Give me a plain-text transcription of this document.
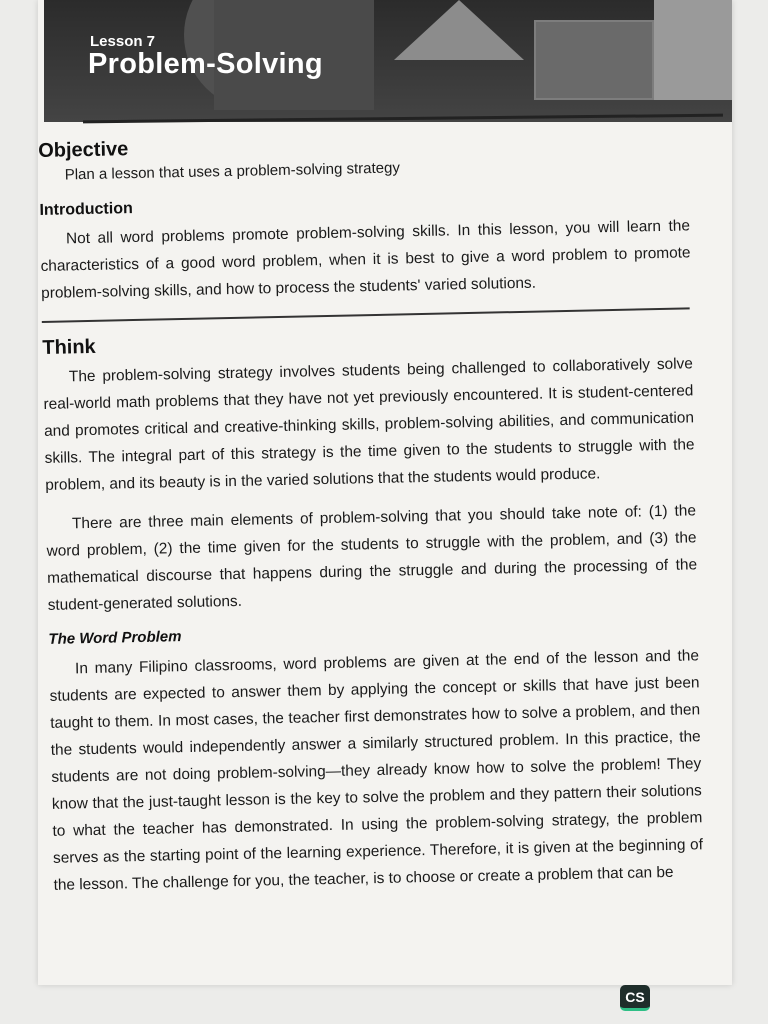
Lesson 7
Problem-Solving
Objective

Plan a lesson that uses a problem-solving strategy

Introduction

Not all word problems promote problem-solving skills. In this lesson, you will learn the characteristics of a good word problem, when it is best to give a word problem to promote problem-solving skills, and how to process the students' varied solutions.

Think

The problem-solving strategy involves students being challenged to collaboratively solve real-world math problems that they have not yet previously encountered. It is student-centered and promotes critical and creative-thinking skills, problem-solving abilities, and communication skills. The integral part of this strategy is the time given to the students to struggle with the problem, and its beauty is in the varied solutions that the students would produce.

There are three main elements of problem-solving that you should take note of: (1) the word problem, (2) the time given for the students to struggle with the problem, and (3) the mathematical discourse that happens during the struggle and during the processing of the student-generated solutions.

The Word Problem

In many Filipino classrooms, word problems are given at the end of the lesson and the students are expected to answer them by applying the concept or skills that have just been taught to them. In most cases, the teacher first demonstrates how to solve a problem, and then the students would independently answer a similarly structured problem. In this practice, the students are not doing problem-solving—they already know how to solve the problem! They know that the just-taught lesson is the key to solve the problem and they pattern their solutions to what the teacher has demonstrated. In using the problem-solving strategy, the problem serves as the starting point of the learning experience. Therefore, it is given at the beginning of the lesson. The challenge for you, the teacher, is to choose or create a problem that can be

CS
